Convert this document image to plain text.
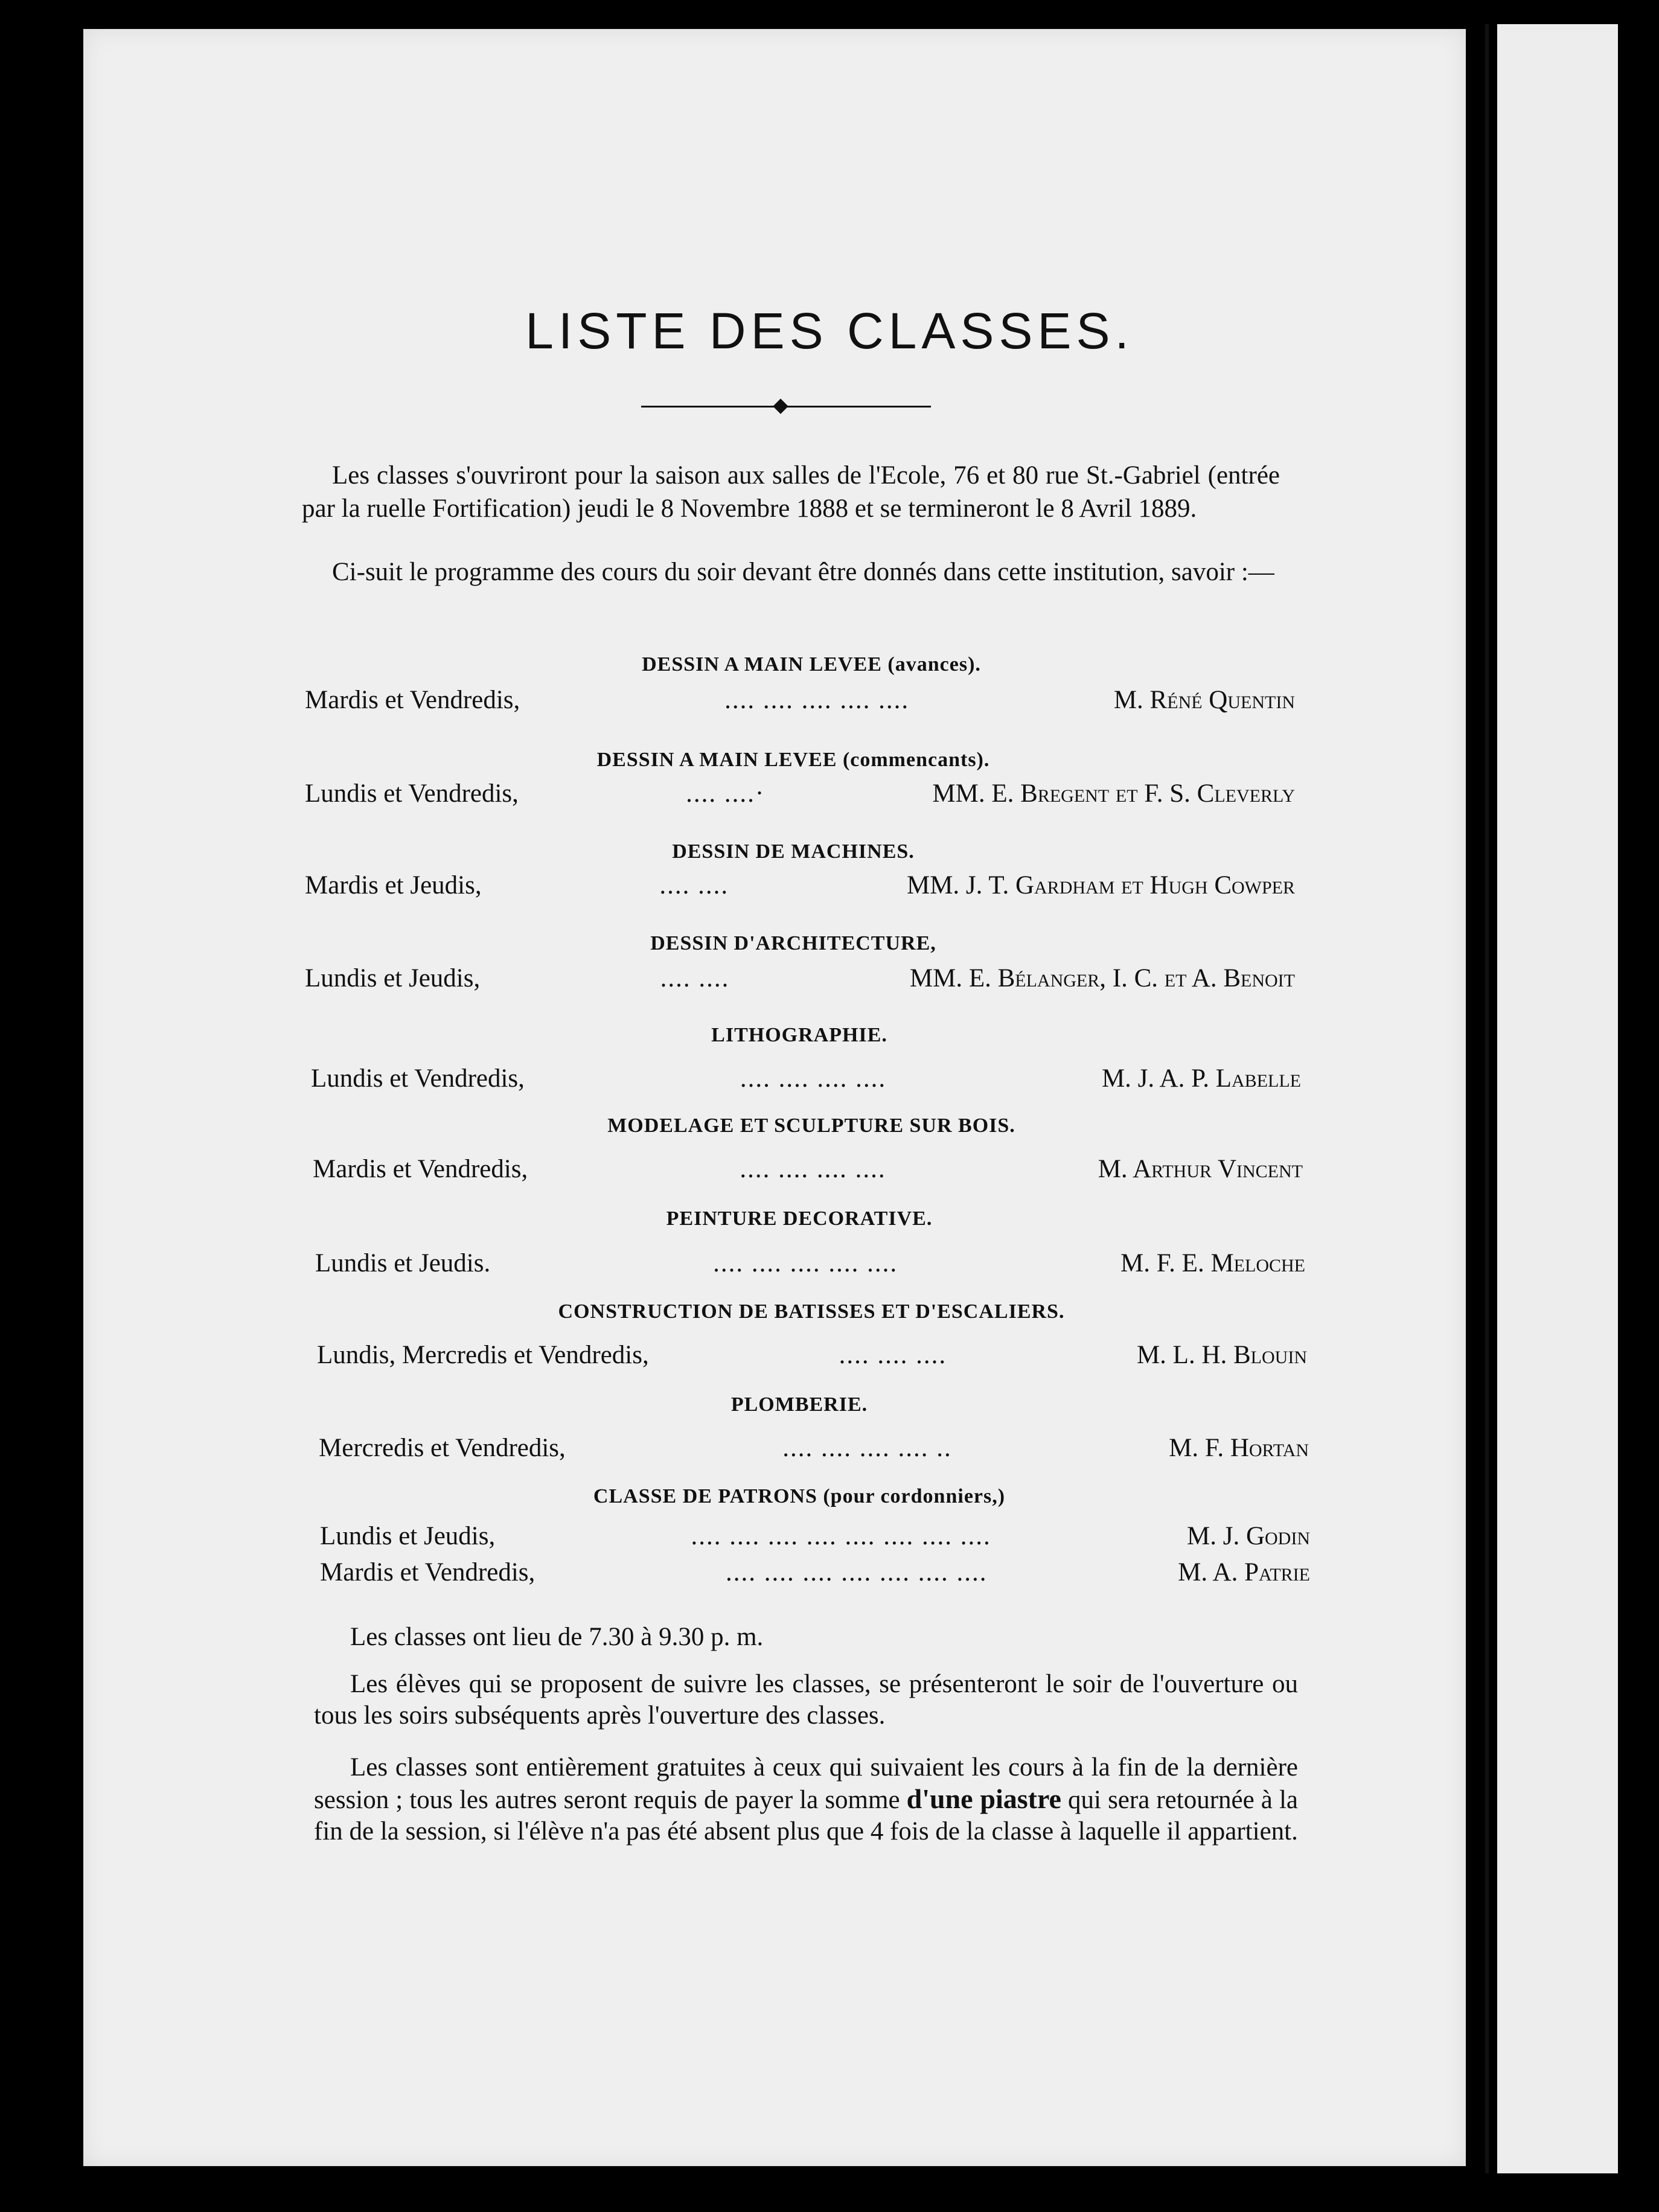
LISTE DES CLASSES.
Les classes s'ouvriront pour la saison aux salles de l'Ecole, 76 et 80 rue St.-Gabriel (entrée par la ruelle Fortification) jeudi le 8 Novembre 1888 et se termineront le 8 Avril 1889.
Ci-suit le programme des cours du soir devant être donnés dans cette institution, savoir :—
DESSIN A MAIN LEVEE (avances).
Mardis et Vendredis,	.... .... .... .... ....	M. Réné Quentin
DESSIN A MAIN LEVEE (commencants).
Lundis et Vendredis,	.... ....·	MM. E. Bregent et F. S. Cleverly
DESSIN DE MACHINES.
Mardis et Jeudis,	.... ....	MM. J. T. Gardham et Hugh Cowper
DESSIN D'ARCHITECTURE,
Lundis et Jeudis,	.... ....	MM. E. Bélanger, I. C. et A. Benoit
LITHOGRAPHIE.
Lundis et Vendredis,	.... .... .... ....	M. J. A. P. Labelle
MODELAGE ET SCULPTURE SUR BOIS.
Mardis et Vendredis,	.... .... .... ....	M. Arthur Vincent
PEINTURE DECORATIVE.
Lundis et Jeudis.	.... .... .... .... ....	M. F. E. Meloche
CONSTRUCTION DE BATISSES ET D'ESCALIERS.
Lundis, Mercredis et Vendredis,	.... .... ....	M. L. H. Blouin
PLOMBERIE.
Mercredis et Vendredis,	.... .... .... .... ..	M. F. Hortan
CLASSE DE PATRONS (pour cordonniers,)
Lundis et Jeudis,	.... .... .... .... .... .... .... ....	M. J. Godin
Mardis et Vendredis,	.... .... .... .... .... .... ....	M. A. Patrie
Les classes ont lieu de 7.30 à 9.30 p. m.
Les élèves qui se proposent de suivre les classes, se présenteront le soir de l'ouverture ou tous les soirs subséquents après l'ouverture des classes.
Les classes sont entièrement gratuites à ceux qui suivaient les cours à la fin de la dernière session ; tous les autres seront requis de payer la somme d'une piastre qui sera retournée à la fin de la session, si l'élève n'a pas été absent plus que 4 fois de la classe à laquelle il appartient.
